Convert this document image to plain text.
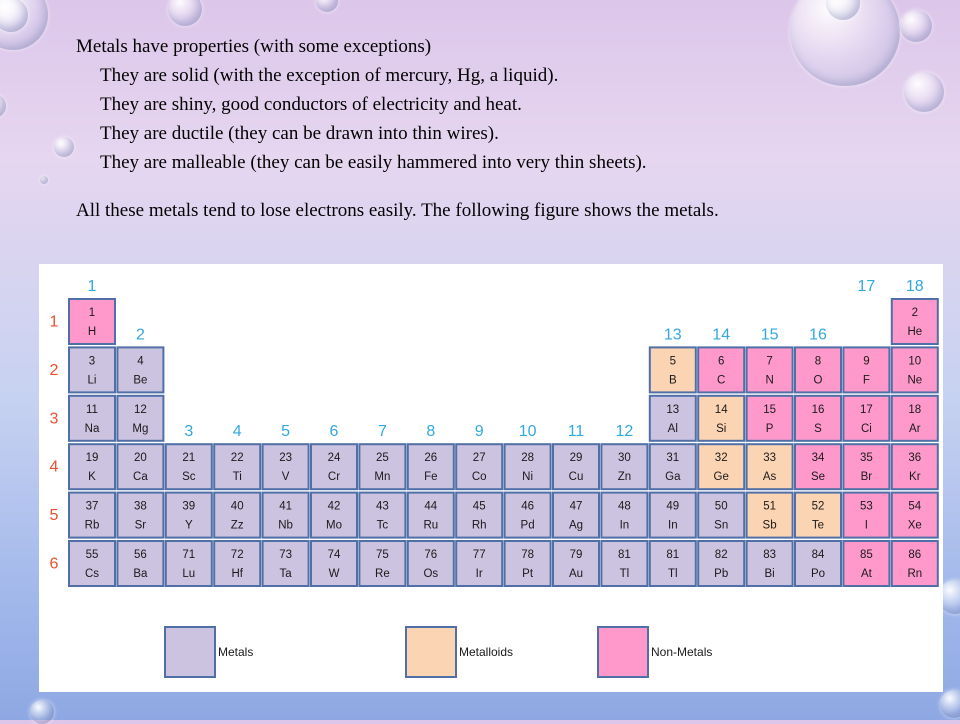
Metals have properties (with some exceptions)
They are solid (with the exception of mercury, Hg, a liquid).
They are shiny, good conductors of electricity and heat.
They are ductile (they can be drawn into thin wires).
They are malleable (they can be easily hammered into very thin sheets).
All these metals tend to lose electrons easily. The following figure shows the metals.
1
2
3 4 5 6 7 8 9 10 11 12
13 14 15 16
17 18
1
2
3
4
5
6
1
H
2
He
3
Li
4
Be
5
B
6
C
7
N
8
O
9
F
10
Ne
11
Na
12
Mg
13
Al
14
Si
15
P
16
S
17
Ci
18
Ar
19
K
20
Ca
21
Sc
22
Ti
23
V
24
Cr
25
Mn
26
Fe
27
Co
28
Ni
29
Cu
30
Zn
31
Ga
32
Ge
33
As
34
Se
35
Br
36
Kr
37
Rb
38
Sr
39
Y
40
Zz
41
Nb
42
Mo
43
Tc
44
Ru
45
Rh
46
Pd
47
Ag
48
In
49
In
50
Sn
51
Sb
52
Te
53
I
54
Xe
55
Cs
56
Ba
71
Lu
72
Hf
73
Ta
74
W
75
Re
76
Os
77
Ir
78
Pt
79
Au
81
Tl
81
Tl
82
Pb
83
Bi
84
Po
85
At
86
Rn
Metals	Metalloids	Non-Metals
